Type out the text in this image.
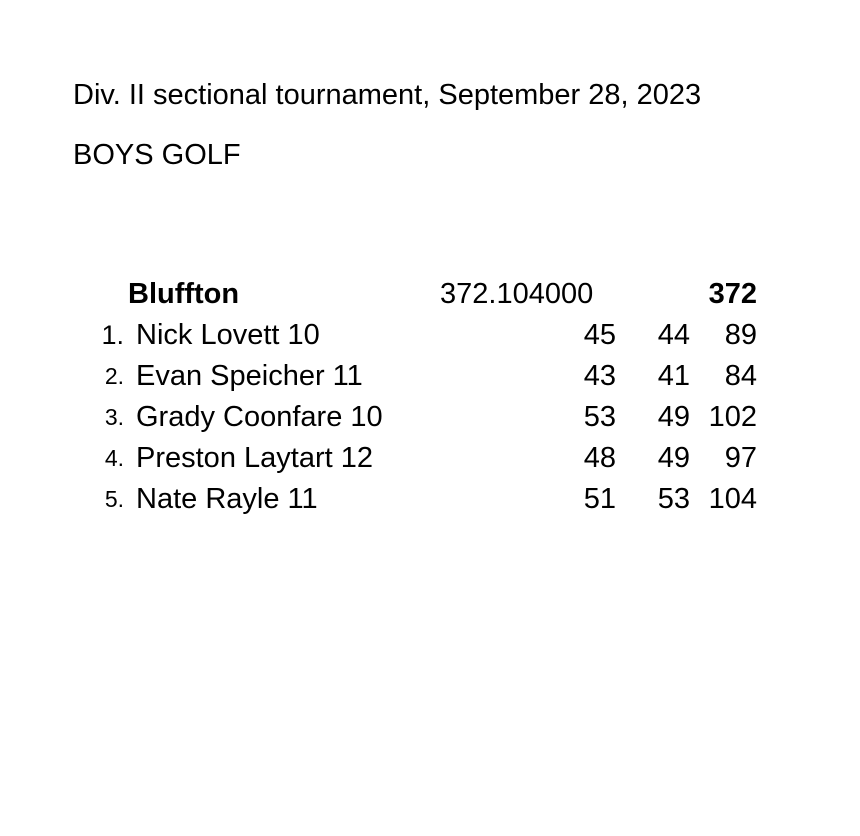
Div. II sectional tournament, September 28, 2023
BOYS GOLF
Bluffton	372.104000	372
1. Nick Lovett 10	45 44 89
2. Evan Speicher 11	43 41 84
3. Grady Coonfare 10	53 49 102
4. Preston Laytart 12	48 49 97
5. Nate Rayle 11	51 53 104
